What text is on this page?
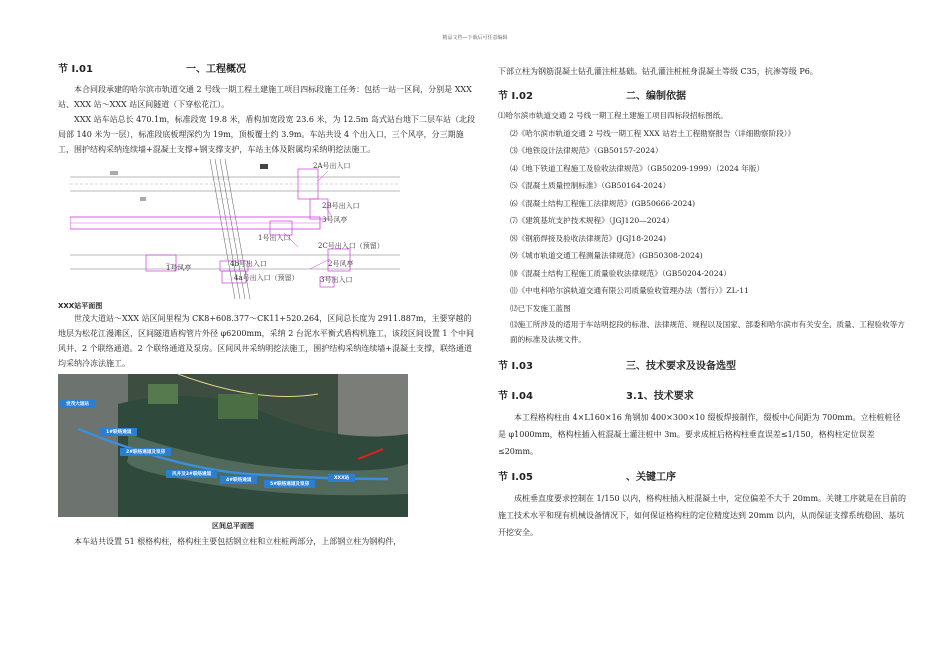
精品文档—下载后可任意编辑
节 I.01	一、工程概况

本合同段承建的哈尔滨市轨道交通 2 号线一期工程土建施工项目四标段施工任务：包括一站一区间，分别是 XXX 站、XXX 站～XXX 站区间隧道（下穿松花江）。

XXX 站车站总长 470.1m，标准段宽 19.8 米，盾构加宽段宽 23.6 米，为 12.5m 岛式站台地下二层车站（北段局部 140 米为一层），标准段底板埋深约为 19m，顶板覆土约 3.9m。车站共设 4 个出入口，三个风亭，分三期施工，围护结构采纳连续墙+混凝土支撑+钢支撑支护，车站主体及附属均采纳明挖法施工。

2A号出入口
2B号出入口
3号风亭
1号出入口
2C号出入口（预留）
1号风亭	4b号出入口	2号风亭
4a号出入口（预留）	3号出入口
XXX站平面图

世茂大道站～XXX 站区间里程为 CK8+608.377～CK11+520.264，区间总长度为 2911.887m，主要穿越的地层为松花江漫滩区，区间隧道盾构管片外径 φ6200mm，采纳 2 台泥水平衡式盾构机施工，该段区间设置 1 个中间风井、2 个联络通道。2 个联络通道及泵房。区间风井采纳明挖法施工，围护结构采纳连续墙+混凝土支撑，联络通道均采纳冷冻法施工。

世茂大道站
1#联络通道
2#联络通道及泵房
风井及3#联络通道
4#联络通道
5#联络通道及泵房
XXX站
区间总平面图

本车站共设置 51 根格构柱，格构柱主要包括钢立柱和立柱桩两部分，上部钢立柱为钢构件，

下部立柱为钢筋混凝土钻孔灌注桩基础。钻孔灌注桩桩身混凝土等级 C35，抗渗等级 P6。

节 I.02	二、编制依据

⑴哈尔滨市轨道交通 2 号线一期工程土建施工项目四标段招标图纸。

⑵《哈尔滨市轨道交通 2 号线一期工程 XXX 站岩土工程勘察报告（详细勘察阶段）》

⑶《地铁设计法律规范》（GB50157-2024）

⑷《地下铁道工程施工及验收法律规范》（GB50209-1999）（2024 年版）

⑸《混凝土质量控制标准》（GB50164-2024）

⑹《混凝土结构工程施工法律规范》(GB50666-2024)

⑺《建筑基坑支护技术规程》（JGJ120—2024）

⑻《钢筋焊接及验收法律规范》(JGJ18-2024)

⑼《城市轨道交通工程测量法律规范》(GB50308-2024)

⑽《混凝土结构工程施工质量验收法律规范》（GB50204-2024）

⑾《中电科哈尔滨轨道交通有限公司质量验收管理办法（暂行）》ZL-11

⑿已下发施工蓝图

⒀施工所涉及的适用于车站明挖段的标准、法律规范、规程以及国家、部委和哈尔滨市有关安全、质量、工程验收等方面的标准及法规文件。

节 I.03	三、技术要求及设备选型
节 I.04	3.1、技术要求

本工程格构柱由 4×L160×16 角钢加 400×300×10 缀板焊接制作，缀板中心间距为 700mm。立柱桩桩径是 φ1000mm，格构柱插入桩混凝土灌注桩中 3m。要求成桩后格构柱垂直误差≤1/150，格构柱定位误差≤20mm。

节 I.05	、关键工序

成桩垂直度要求控制在 1/150 以内，格构柱插入桩混凝土中，定位偏差不大于 20mm。关键工序就是在目前的施工技术水平和现有机械设备情况下，如何保证格构柱的定位精度达到 20mm 以内，从而保证支撑系统稳固、基坑开挖安全。
